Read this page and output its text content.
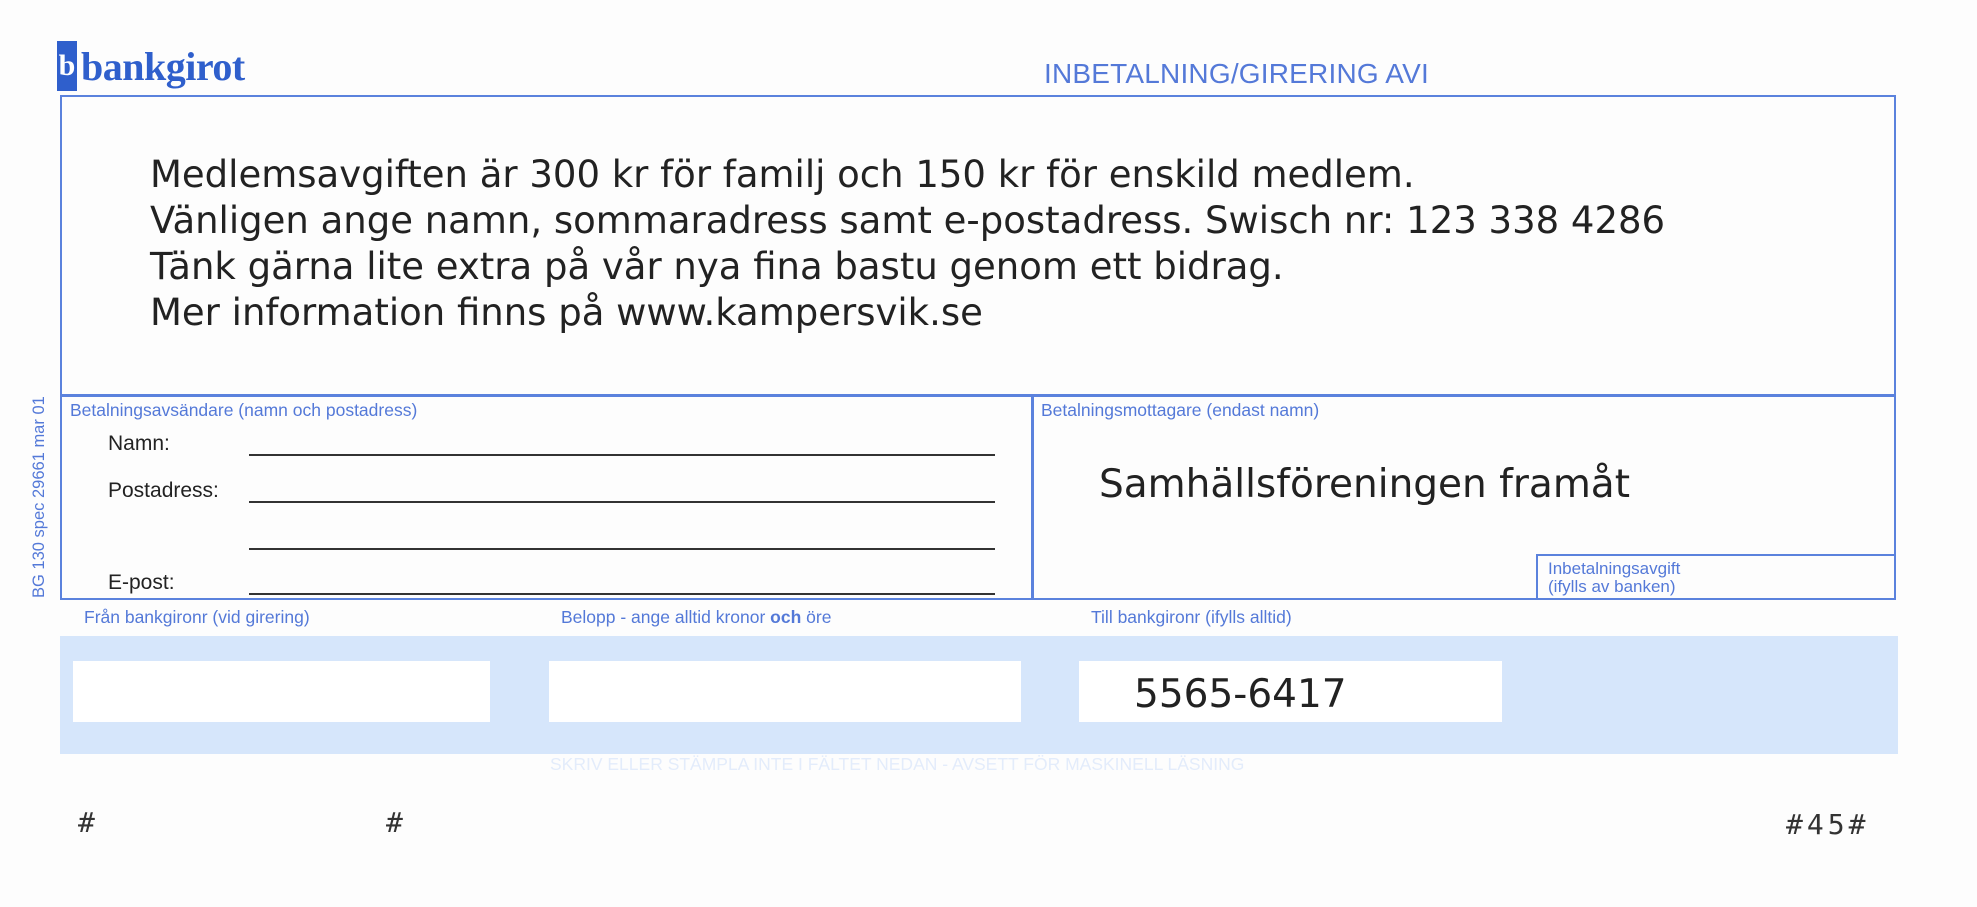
b bankgirot	INBETALNING/GIRERING AVI
Medlemsavgiften är 300 kr för familj och 150 kr för enskild medlem.
Vänligen ange namn, sommaradress samt e-postadress. Swisch nr: 123 338 4286
Tänk gärna lite extra på vår nya fina bastu genom ett bidrag.
Mer information finns på www.kampersvik.se
Betalningsavsändare (namn och postadress)
Namn:
Postadress:
E-post:
Betalningsmottagare (endast namn)
Samhällsföreningen framåt
Inbetalningsavgift
(ifylls av banken)
BG 130 spec 29661 mar 01
Från bankgironr (vid girering)	Belopp - ange alltid kronor och öre	Till bankgironr (ifylls alltid)
5565-6417
SKRIV ELLER STÄMPLA INTE I FÄLTET NEDAN - AVSETT FÖR MASKINELL LÄSNING
#	#	#45#
